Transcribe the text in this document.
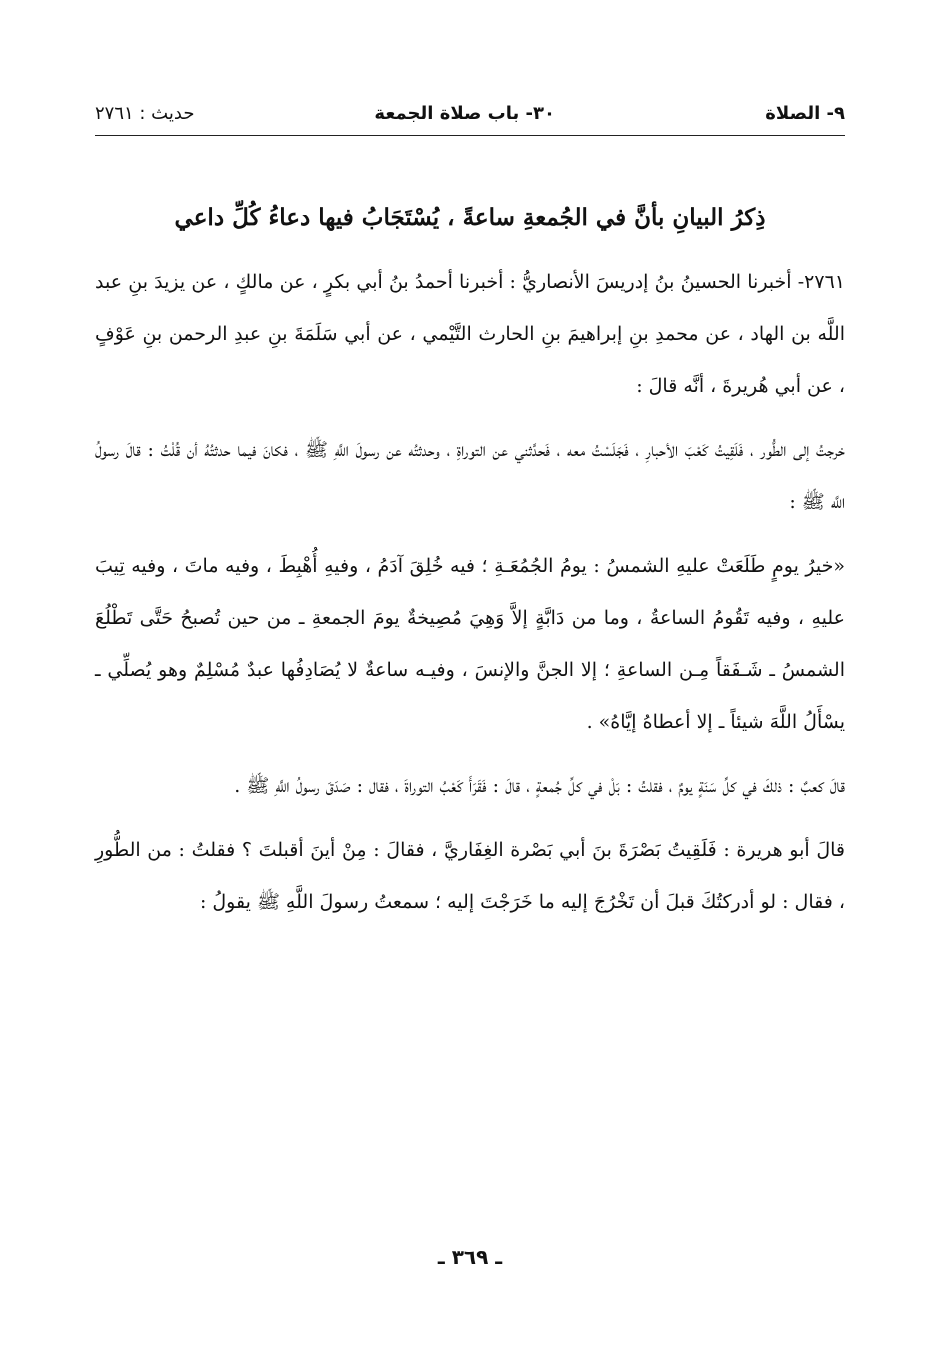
٩- الصلاة
٣٠- باب صلاة الجمعة
حديث : ٢٧٦١
ذِكرُ البيانِ بأنَّ في الجُمعةِ ساعةً ، يُسْتَجَابُ فيها دعاءُ كُلِّ داعي

٢٧٦١- أخبرنا الحسينُ بنُ إدريسَ الأنصاريُّ : أخبرنا أحمدُ بنُ أبي بكرٍ ، عن مالكٍ ، عن يزيدَ بنِ عبد اللَّه بن الهاد ، عن محمدِ بنِ إبراهيمَ بنِ الحارث التَّيْمي ، عن أبي سَلَمَةَ بنِ عبدِ الرحمن بنِ عَوْفٍ ، عن أبي هُريرةَ ، أنَّه قالَ :

خرجتُ إلى الطُّور ، فَلَقِيتُ كَعْبَ الأحبارِ ، فَجَلَسْتُ معه ، فَحدَّثني عن التوراةِ ، وحدثتُه عن رسولَ اللَّهِ ﷺ ، فكانَ فيما حدثتُهُ أن قُلْتُ : قالَ رسولُ اللَّه ﷺ :

«خيرُ يومٍ طَلَعَتْ عليهِ الشمسُ : يومُ الجُمُعَـةِ ؛ فيه خُلِقَ آدَمُ ، وفيهِ أُهْبِطَ ، وفيه ماتَ ، وفيه تِيبَ عليهِ ، وفيه تَقُومُ الساعةُ ، وما من دَابَّةٍ إلاَّ وَهِيَ مُصِيخةٌ يومَ الجمعةِ ـ من حين تُصبحُ حَتَّى تَطْلُعَ الشمسُ ـ شَـفَقاً مِـن الساعةِ ؛ إلا الجنَّ والإنسَ ، وفيـه ساعةٌ لا يُصَادِفُها عبدٌ مُسْلِمٌ وهو يُصلِّي ـ يسْأَلُ اللَّهَ شيئاً ـ إلا أعطاهُ إيَّاهُ» .

قالَ كعبٌ : ذلكَ في كلِّ سَنَةٍ يومٌ ، فقلتُ : بَلْ في كلِّ جُمعةٍ ، قالَ : فَقَرَأَ كَعْبُ التوراةَ ، فقال : صَدَقَ رسولُ اللَّهِ ﷺ .

قالَ أبو هريرة : فَلَقِيتُ بَصْرَةَ بنَ أبي بَصْرة الغِفَاريَّ ، فقالَ : مِنْ أينَ أقبلتَ ؟ فقلتُ : من الطُّورِ ، فقال : لو أدركتُكَ قبلَ أن تَخْرُجَ إليه ما خَرَجْتَ إليه ؛ سمعتُ رسولَ اللَّهِ ﷺ يقولُ :

ـ ٣٦٩ ـ
